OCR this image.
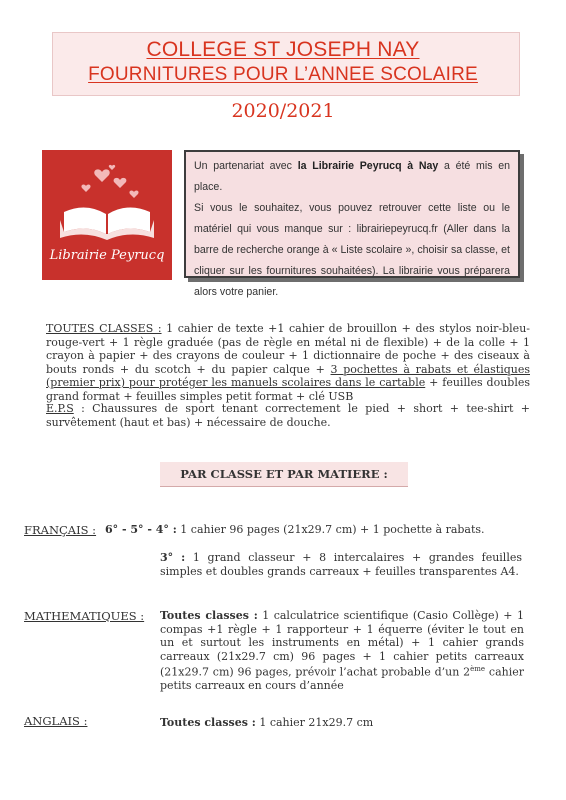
COLLEGE ST JOSEPH NAY
FOURNITURES POUR L’ANNEE SCOLAIRE
2020/2021
Librairie Peyrucq
Un partenariat avec la Librairie Peyrucq à Nay a été mis en place.
Si vous le souhaitez, vous pouvez retrouver cette liste ou le matériel qui vous manque sur : librairiepeyrucq.fr (Aller dans la barre de recherche orange à « Liste scolaire », choisir sa classe, et cliquer sur les fournitures souhaitées). La librairie vous préparera alors votre panier.
TOUTES CLASSES : 1 cahier de texte +1 cahier de brouillon + des stylos noir-bleu-rouge-vert + 1 règle graduée (pas de règle en métal ni de flexible) + de la colle + 1 crayon à papier + des crayons de couleur + 1 dictionnaire de poche + des ciseaux à bouts ronds + du scotch + du papier calque + 3 pochettes à rabats et élastiques (premier prix) pour protéger les manuels scolaires dans le cartable + feuilles doubles grand format + feuilles simples petit format + clé USB
E.P.S : Chaussures de sport tenant correctement le pied + short + tee-shirt + survêtement (haut et bas) + nécessaire de douche.
PAR CLASSE ET PAR MATIERE :
FRANÇAIS : 6° - 5° - 4° : 1 cahier 96 pages (21x29.7 cm) + 1 pochette à rabats.
3° : 1 grand classeur + 8 intercalaires + grandes feuilles simples et doubles grands carreaux + feuilles transparentes A4.
MATHEMATIQUES : Toutes classes : 1 calculatrice scientifique (Casio Collège) + 1 compas +1 règle + 1 rapporteur + 1 équerre (éviter le tout en un et surtout les instruments en métal) + 1 cahier grands carreaux (21x29.7 cm) 96 pages + 1 cahier petits carreaux (21x29.7 cm) 96 pages, prévoir l’achat probable d’un 2ème cahier petits carreaux en cours d’année
ANGLAIS :	Toutes classes : 1 cahier 21x29.7 cm
